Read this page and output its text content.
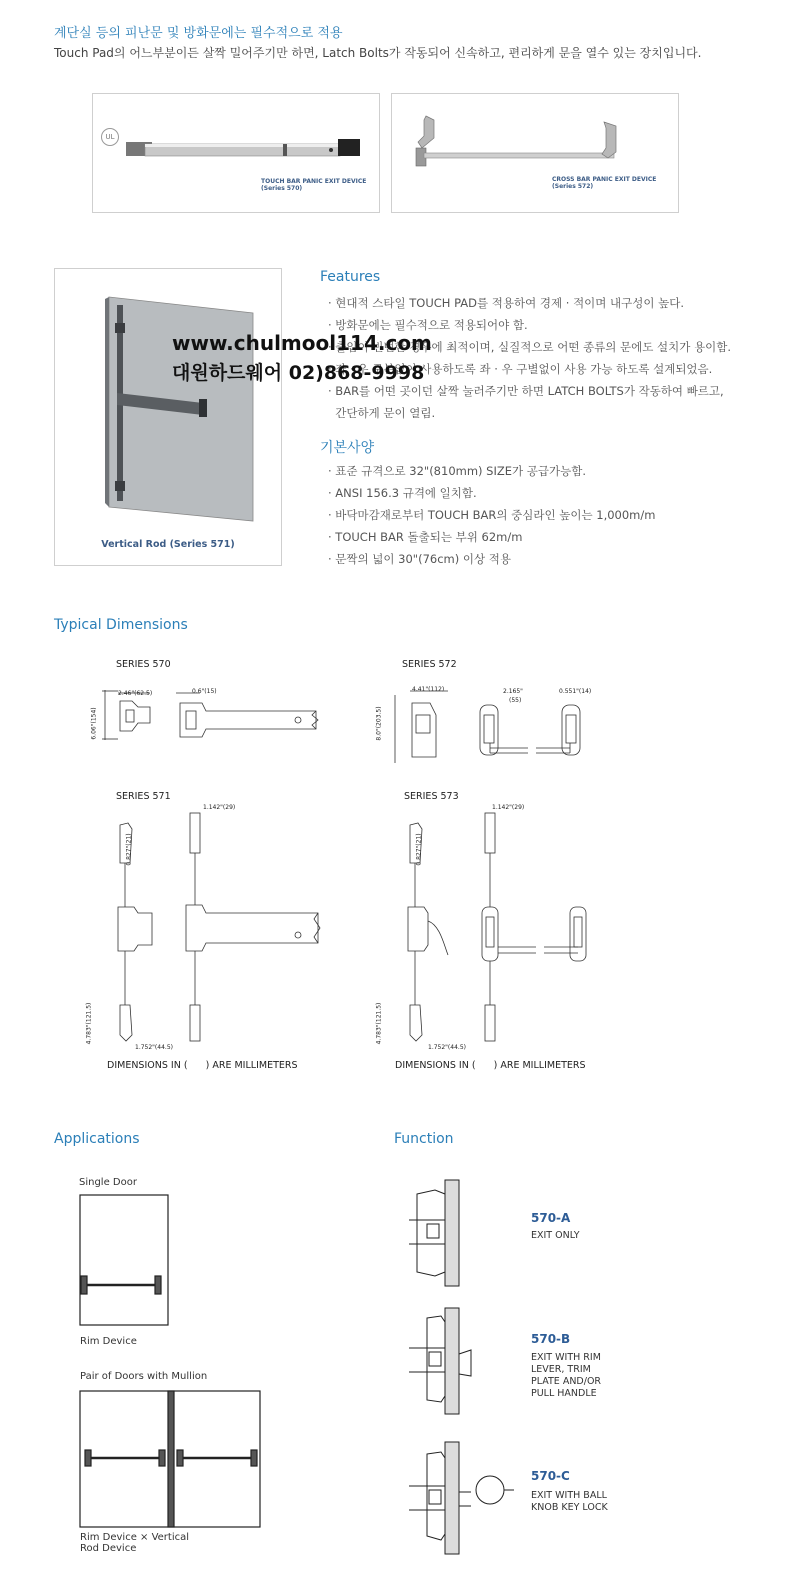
계단실 등의 피난문 및 방화문에는 필수적으로 적용
Touch Pad의 어느부분이든 살짝 밀어주기만 하면, Latch Bolts가 작동되어 신속하고, 편리하게 문을 열수 있는 장치입니다.
UL
TOUCH BAR PANIC EXIT DEVICE (Series 570)
CROSS BAR PANIC EXIT DEVICE (Series 572)
Vertical Rod (Series 571)
Features
· 현대적 스타일 TOUCH PAD를 적용하여 경제 · 적이며 내구성이 높다.
· 방화문에는 필수적으로 적용되어야 함.
· 출입이 빈번한 경우에 최적이며, 실질적으로 어떤 종류의 문에도 설치가 용이함.
· 좌 · 우 구분없이 사용하도록 좌 · 우 구별없이 사용 가능 하도록 설계되었음.
· BAR를 어떤 곳이던 살짝 눌러주기만 하면 LATCH BOLTS가 작동하여 빠르고,
간단하게 문이 열림.
기본사양
· 표준 규격으로 32"(810mm) SIZE가 공급가능함.
· ANSI 156.3 규격에 일치함.
· 바닥마감재로부터 TOUCH BAR의 중심라인 높이는 1,000m/m
· TOUCH BAR 돌출되는 부위 62m/m
· 문짝의 넓이 30"(76cm) 이상 적용
www.chulmool114.com
대원하드웨어 02)868-9998
Typical Dimensions
SERIES 570	SERIES 572
SERIES 571	SERIES 573
2.46"(62.5)	0.6"(15)
6.06"(154)
4.41"(112)
8.0"(203.5)
2.165"
(55)
0.551"(14)
1.142"(29)
0.827"(21)
4.783"(121.5)
1.752"(44.5)
1.142"(29)
0.827"(21)
4.783"(121.5)
1.752"(44.5)
DIMENSIONS IN (      ) ARE MILLIMETERS	DIMENSIONS IN (      ) ARE MILLIMETERS
Applications
Single Door
Rim Device
Pair of Doors with Mullion
Rim Device × Vertical
Rod Device
Function
570-A
EXIT ONLY
570-B
EXIT WITH RIM
LEVER, TRIM
PLATE AND/OR
PULL HANDLE
570-C
EXIT WITH BALL
KNOB KEY LOCK
